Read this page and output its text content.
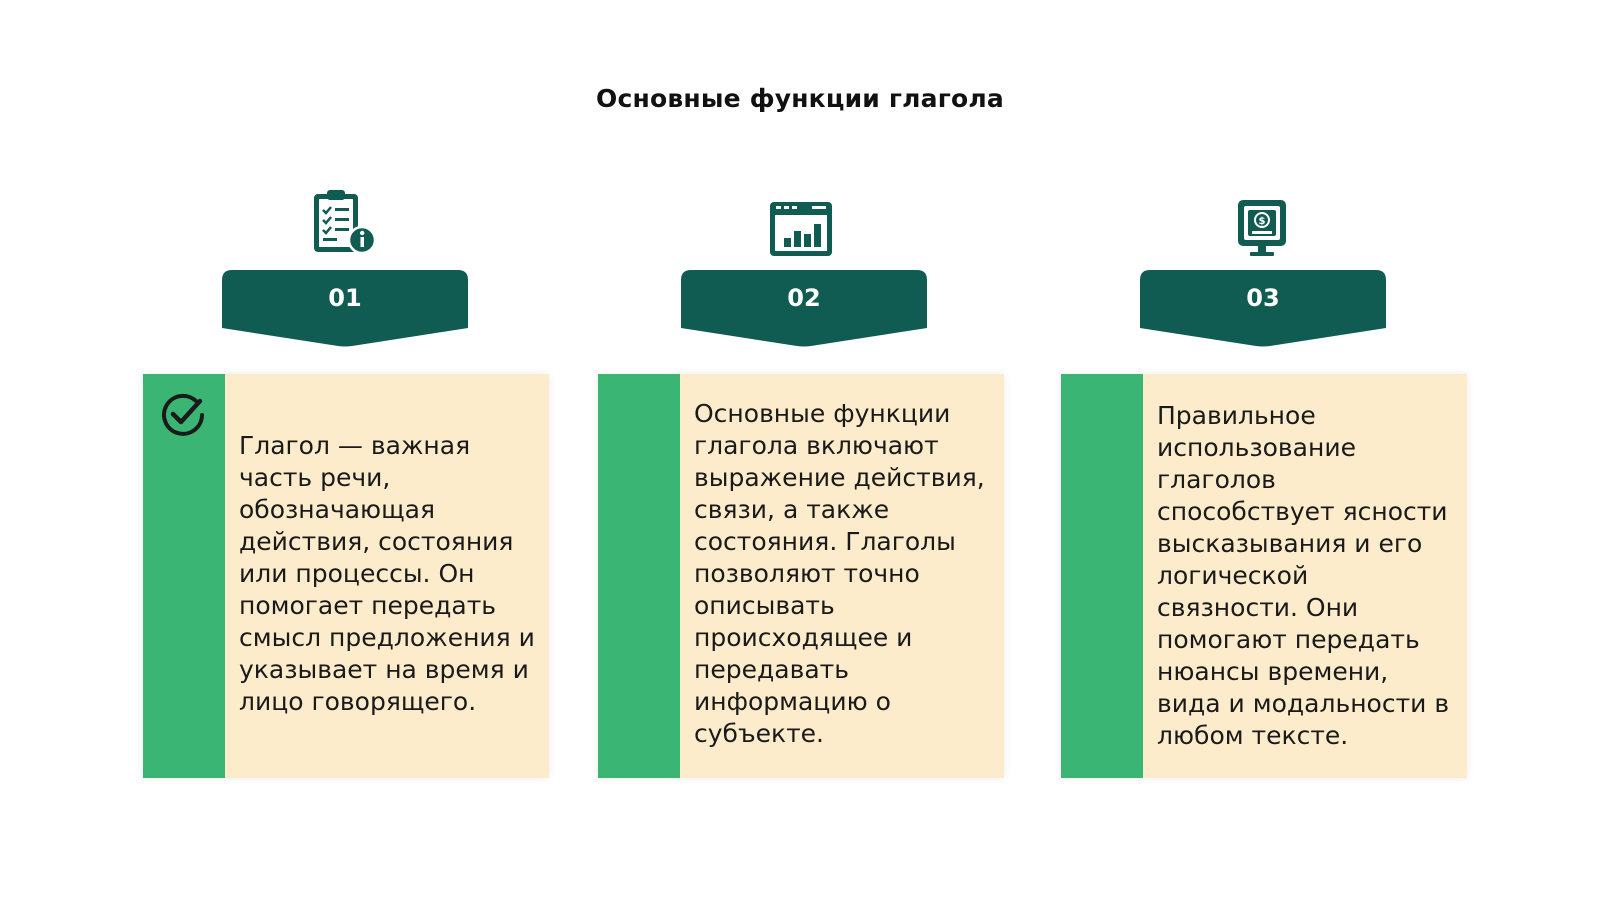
Основные функции глагола
$
01	02	03
Глагол — важная часть речи, обозначающая действия, состояния или процессы. Он помогает передать смысл предложения и указывает на время и лицо говорящего.
Основные функции глагола включают выражение действия, связи, а также состояния. Глаголы позволяют точно описывать происходящее и передавать информацию о субъекте.
Правильное использование глаголов способствует ясности высказывания и его логической связности. Они помогают передать нюансы времени, вида и модальности в любом тексте.
